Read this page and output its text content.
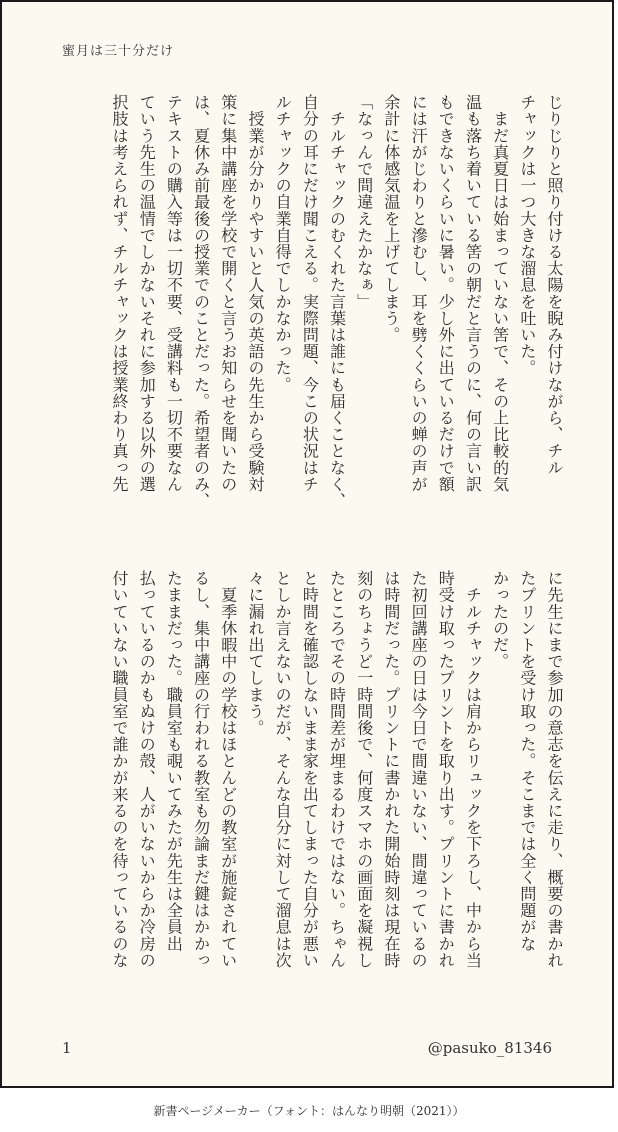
蜜月は三十分だけ
じりじりと照り付ける太陽を睨み付けながら、チル
チャックは一つ大きな溜息を吐いた。
　まだ真夏日は始まっていない筈で、その上比較的気
温も落ち着いている筈の朝だと言うのに、何の言い訳
もできないくらいに暑い。少し外に出ているだけで額
には汗がじわりと滲むし、耳を劈くくらいの蝉の声が
余計に体感気温を上げてしまう。
「なっんで間違えたかなぁ」
　チルチャックのむくれた言葉は誰にも届くことなく、
自分の耳にだけ聞こえる。実際問題、今この状況はチ
ルチャックの自業自得でしかなかった。
　授業が分かりやすいと人気の英語の先生から受験対
策に集中講座を学校で開くと言うお知らせを聞いたの
は、夏休み前最後の授業でのことだった。希望者のみ、
テキストの購入等は一切不要、受講料も一切不要なん
ていう先生の温情でしかないそれに参加する以外の選
択肢は考えられず、チルチャックは授業終わり真っ先
に先生にまで参加の意志を伝えに走り、概要の書かれ
たプリントを受け取った。そこまでは全く問題がな
かったのだ。
　チルチャックは肩からリュックを下ろし、中から当
時受け取ったプリントを取り出す。プリントに書かれ
た初回講座の日は今日で間違いない、間違っているの
は時間だった。プリントに書かれた開始時刻は現在時
刻のちょうど一時間後で、何度スマホの画面を凝視し
たところでその時間差が埋まるわけではない。ちゃん
と時間を確認しないまま家を出てしまった自分が悪い
としか言えないのだが、そんな自分に対して溜息は次
々に漏れ出てしまう。
　夏季休暇中の学校はほとんどの教室が施錠されてい
るし、集中講座の行われる教室も勿論まだ鍵はかかっ
たままだった。職員室も覗いてみたが先生は全員出
払っているのかもぬけの殻、人がいないからか冷房の
付いていない職員室で誰かが来るのを待っているのな
1	@pasuko_81346
新書ページメーカー（フォント：はんなり明朝（2021））
